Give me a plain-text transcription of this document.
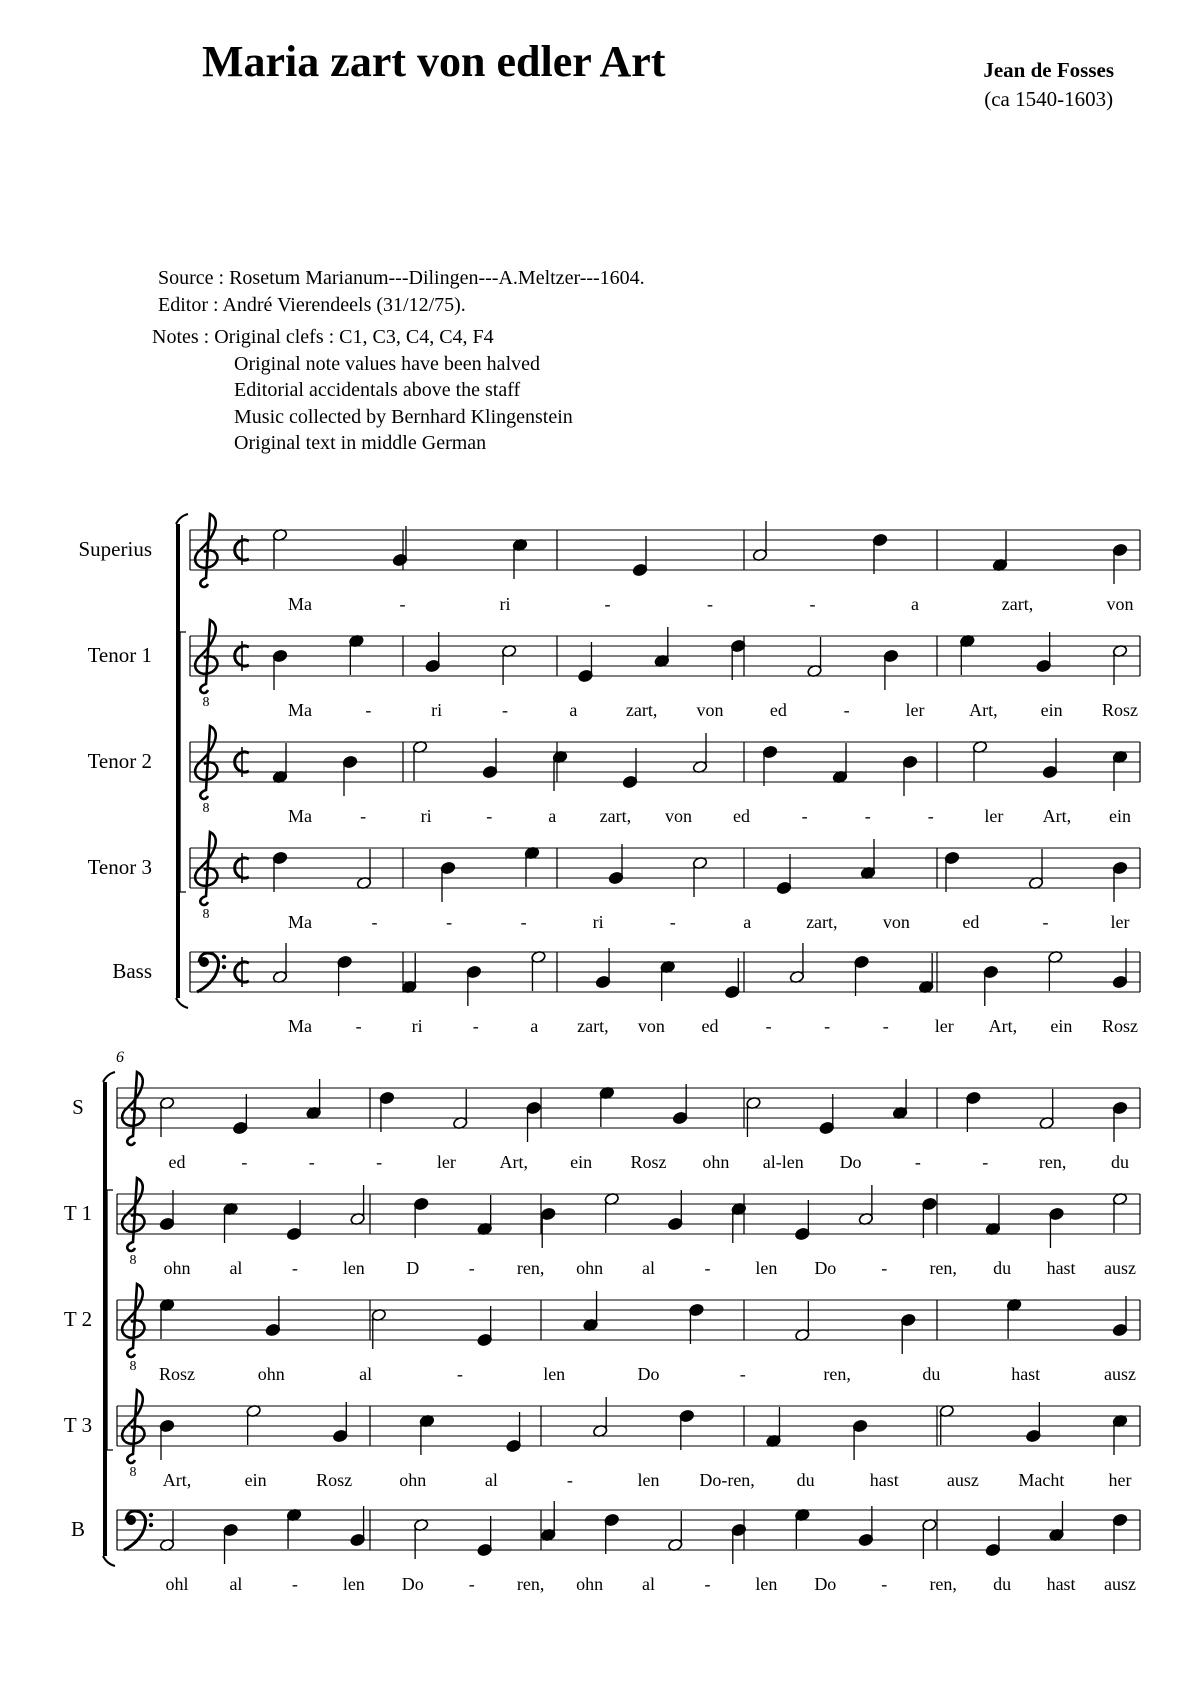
Maria zart von edler Art	Jean de Fosses
(ca 1540-1603)
Source : Rosetum Marianum---Dilingen---A.Meltzer---1604.
Editor : André Vierendeels (31/12/75).
Notes : Original clefs : C1, C3, C4, C4, F4
Original note values have been halved
Editorial accidentals above the staff
Music collected by Bernhard Klingenstein
Original text in middle German
Superius
Ma	-	ri	-	-	-	a	zart,	von
Tenor 1
8	Ma	-	ri	-	a	zart, von	ed	-	ler Art, ein Rosz
Tenor 2
8	Ma	-	ri	-	a zart, von ed	-	-	-	ler Art, ein
Tenor 3
8	Ma	-	-	-	ri	-	a	zart,	von	ed	-	ler
Bass
Ma -	ri	-	a zart, von ed	-	-	-	ler Art, ein Rosz
6
S
ed	-	-	-	ler Art, ein Rosz ohn al-len Do	-	-	ren, du
T 1
8 ohn al	- len D	- ren, ohn al	- len Do - ren, du hast ausz
T 2
8 Rosz	ohn	al	-	len	Do	-	ren,	du	hast	ausz
T 3
8 Art,	ein	Rosz	ohn	al	-	len Do-ren, du	hast	ausz Macht her
B
ohl al	- len Do - ren, ohn al	- len Do - ren, du hast ausz
